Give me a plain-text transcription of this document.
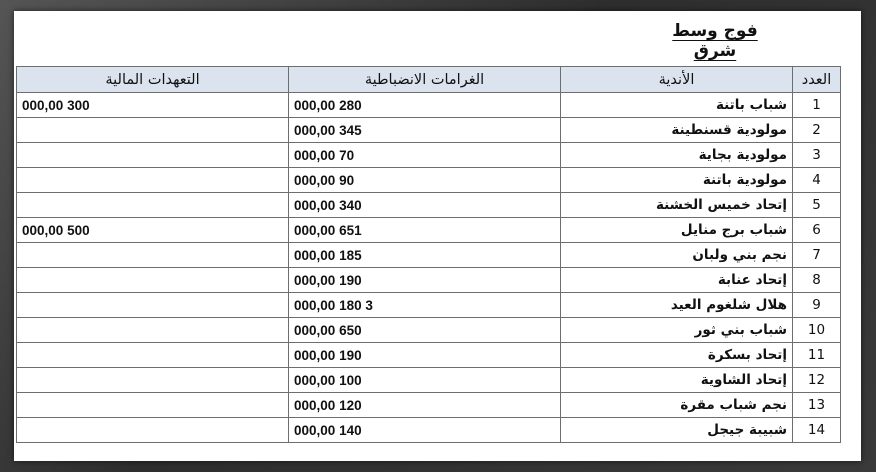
فوج وسط شرق
العدد	الأندية	الغرامات الانضباطية	التعهدات المالية
1	شباب باتنة	280 000,00	300 000,00
2	مولودية قسنطينة	345 000,00	
3	مولودية بجاية	70 000,00	
4	مولودية باتنة	90 000,00	
5	إتحاد خميس الخشنة	340 000,00	
6	شباب برج منايل	651 000,00	500 000,00
7	نجم بني ولبان	185 000,00	
8	إتحاد عنابة	190 000,00	
9	هلال شلغوم العيد	3 180 000,00	
10	شباب بني ثور	650 000,00	
11	إتحاد بسكرة	190 000,00	
12	إتحاد الشاوية	100 000,00	
13	نجم شباب مقرة	120 000,00	
14	شبيبة جيجل	140 000,00	
